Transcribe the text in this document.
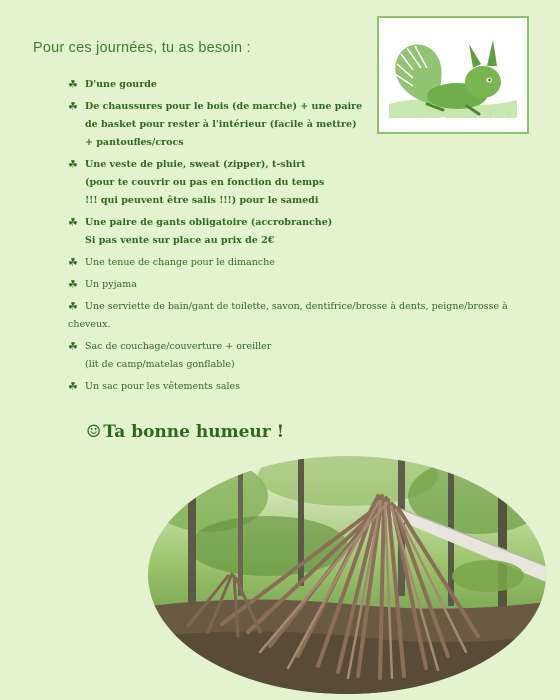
Pour ces journées, tu as besoin :
Copain des bois
☘ D'une gourde
☘ De chaussures pour le bois (de marche) + une paire
de basket pour rester à l'intérieur (facile à mettre)
+ pantoufles/crocs
☘ Une veste de pluie, sweat (zipper), t-shirt
(pour te couvrir ou pas en fonction du temps
!!! qui peuvent être salis !!!) pour le samedi
☘ Une paire de gants obligatoire (accrobranche)
Si pas vente sur place au prix de 2€
☘ Une tenue de change pour le dimanche
☘ Un pyjama
☘ Une serviette de bain/gant de toilette, savon, dentifrice/brosse à dents, peigne/brosse à
cheveux.
☘ Sac de couchage/couverture + oreiller
(lit de camp/matelas gonflable)
☘ Un sac pour les vêtements sales
☺ Ta bonne humeur !
